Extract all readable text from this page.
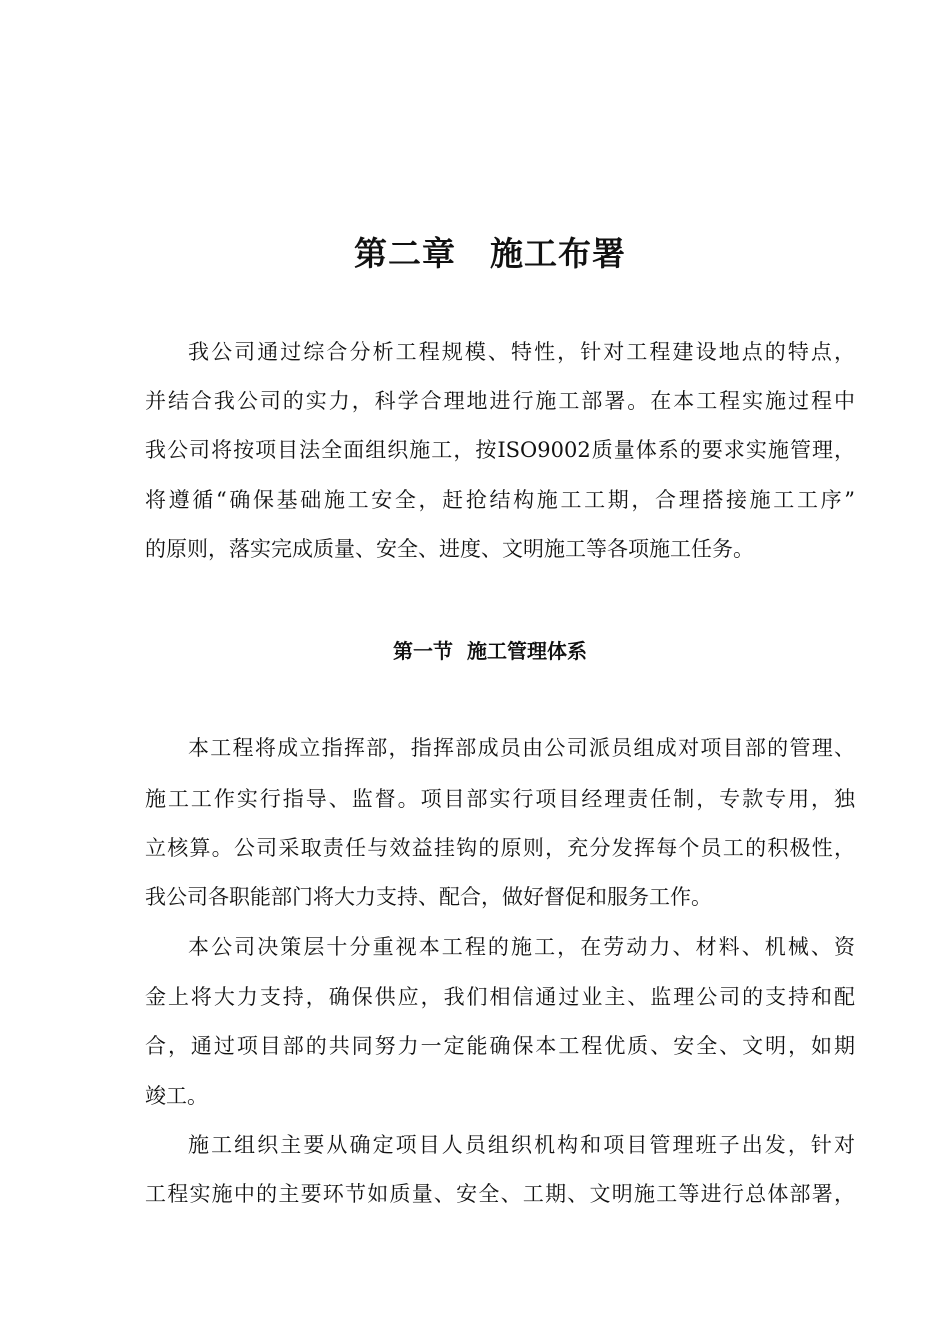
第二章　施工布署
我公司通过综合分析工程规模、特性，针对工程建设地点的特点，
并结合我公司的实力，科学合理地进行施工部署。在本工程实施过程中
我公司将按项目法全面组织施工，按ISO9002质量体系的要求实施管理，
将遵循“确保基础施工安全，赶抢结构施工工期，合理搭接施工工序”
的原则，落实完成质量、安全、进度、文明施工等各项施工任务。
第一节  施工管理体系
本工程将成立指挥部，指挥部成员由公司派员组成对项目部的管理、
施工工作实行指导、监督。项目部实行项目经理责任制，专款专用，独
立核算。公司采取责任与效益挂钩的原则，充分发挥每个员工的积极性，
我公司各职能部门将大力支持、配合，做好督促和服务工作。
本公司决策层十分重视本工程的施工，在劳动力、材料、机械、资
金上将大力支持，确保供应，我们相信通过业主、监理公司的支持和配
合，通过项目部的共同努力一定能确保本工程优质、安全、文明，如期
竣工。
施工组织主要从确定项目人员组织机构和项目管理班子出发，针对
工程实施中的主要环节如质量、安全、工期、文明施工等进行总体部署，
